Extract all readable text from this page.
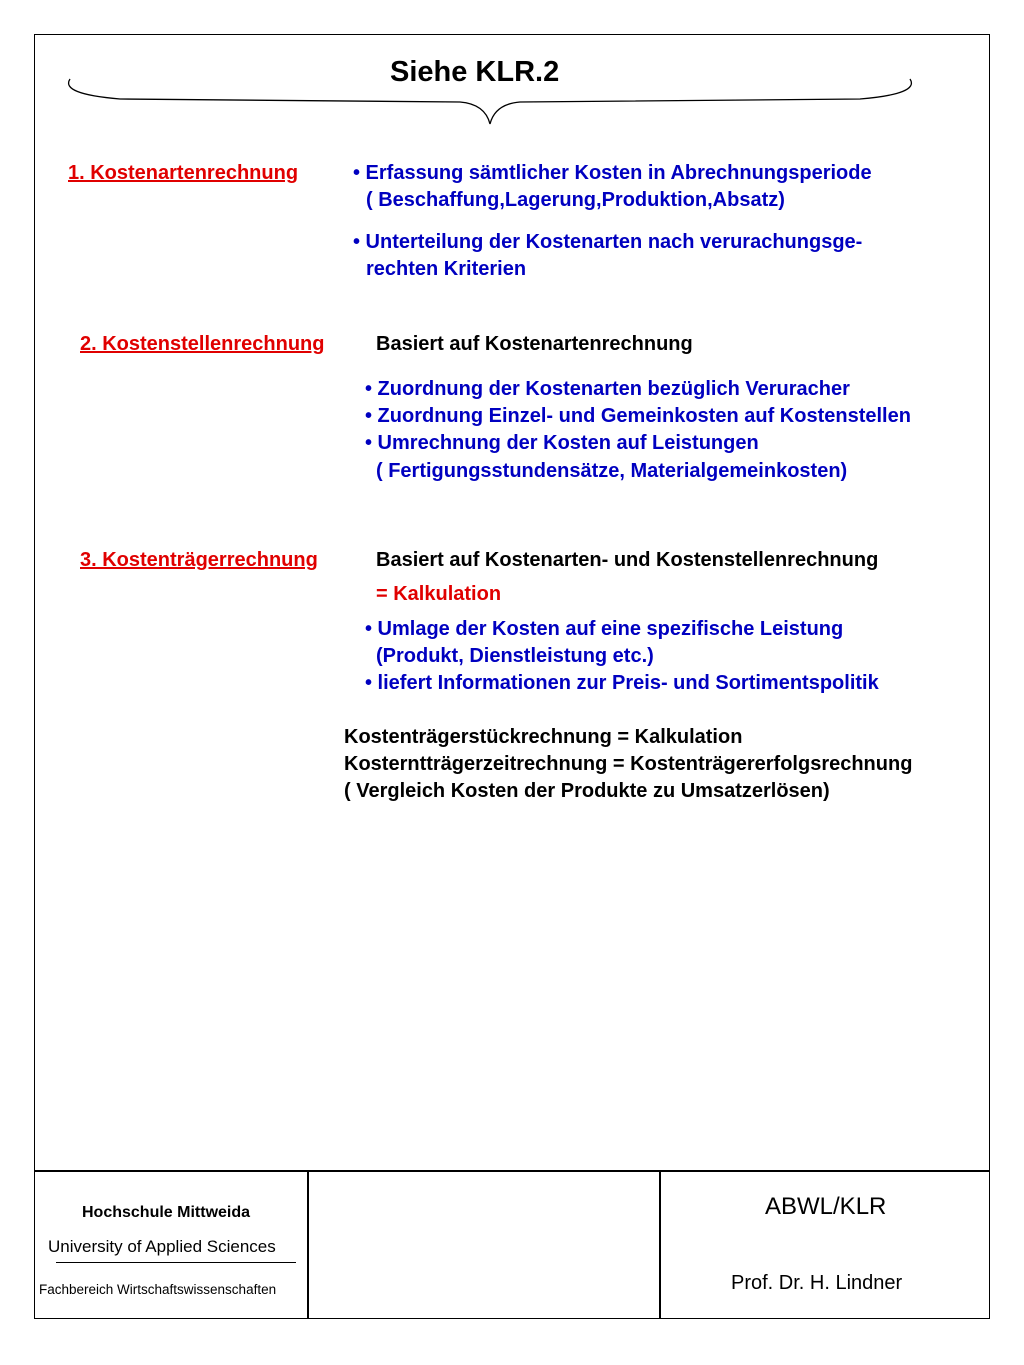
Siehe KLR.2
1. Kostenartenrechnung	• Erfassung sämtlicher Kosten in Abrechnungsperiode
( Beschaffung,Lagerung,Produktion,Absatz)
• Unterteilung der Kostenarten nach verurachungsge-
rechten Kriterien
2. Kostenstellenrechnung	Basiert auf Kostenartenrechnung
• Zuordnung der Kostenarten bezüglich Veruracher
• Zuordnung Einzel- und Gemeinkosten auf Kostenstellen
• Umrechnung der Kosten auf Leistungen
( Fertigungsstundensätze, Materialgemeinkosten)
3. Kostenträgerrechnung	Basiert auf Kostenarten- und Kostenstellenrechnung
= Kalkulation
• Umlage der Kosten auf eine spezifische Leistung
(Produkt, Dienstleistung etc.)
• liefert Informationen zur Preis- und Sortimentspolitik
Kostenträgerstückrechnung = Kalkulation
Kosterntträgerzeitrechnung = Kostenträgererfolgsrechnung
( Vergleich Kosten der Produkte zu Umsatzerlösen)
Hochschule Mittweida
University of Applied Sciences
Fachbereich Wirtschaftswissenschaften
ABWL/KLR
Prof. Dr. H. Lindner
